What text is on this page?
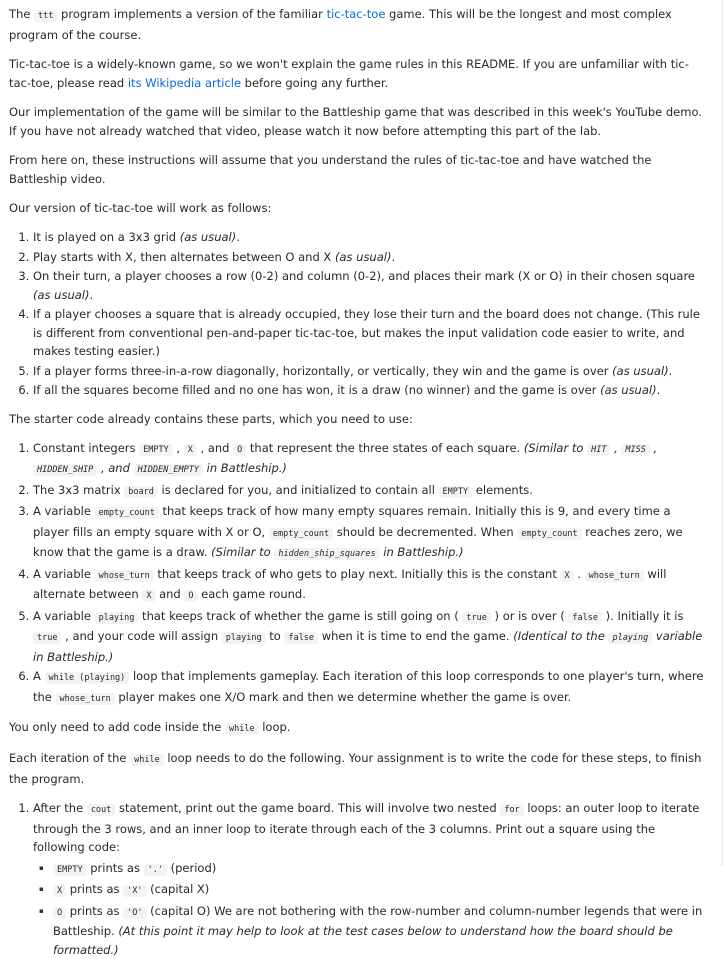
The ttt program implements a version of the familiar tic-tac-toe game. This will be the longest and most complex program of the course.

Tic-tac-toe is a widely-known game, so we won't explain the game rules in this README. If you are unfamiliar with tic-tac-toe, please read its Wikipedia article before going any further.

Our implementation of the game will be similar to the Battleship game that was described in this week's YouTube demo. If you have not already watched that video, please watch it now before attempting this part of the lab.

From here on, these instructions will assume that you understand the rules of tic-tac-toe and have watched the Battleship video.

Our version of tic-tac-toe will work as follows:

1. It is played on a 3x3 grid (as usual).
2. Play starts with X, then alternates between O and X (as usual).
3. On their turn, a player chooses a row (0-2) and column (0-2), and places their mark (X or O) in their chosen square (as usual).
4. If a player chooses a square that is already occupied, they lose their turn and the board does not change. (This rule is different from conventional pen-and-paper tic-tac-toe, but makes the input validation code easier to write, and makes testing easier.)
5. If a player forms three-in-a-row diagonally, horizontally, or vertically, they win and the game is over (as usual).
6. If all the squares become filled and no one has won, it is a draw (no winner) and the game is over (as usual).

The starter code already contains these parts, which you need to use:

1. Constant integers EMPTY , X , and O that represent the three states of each square. (Similar to HIT , MISS , HIDDEN_SHIP , and HIDDEN_EMPTY in Battleship.)
2. The 3x3 matrix board is declared for you, and initialized to contain all EMPTY elements.
3. A variable empty_count that keeps track of how many empty squares remain. Initially this is 9, and every time a player fills an empty square with X or O, empty_count should be decremented. When empty_count reaches zero, we know that the game is a draw. (Similar to hidden_ship_squares in Battleship.)
4. A variable whose_turn that keeps track of who gets to play next. Initially this is the constant X . whose_turn will alternate between X and O each game round.
5. A variable playing that keeps track of whether the game is still going on ( true ) or is over ( false ). Initially it is true , and your code will assign playing to false when it is time to end the game. (Identical to the playing variable in Battleship.)
6. A while (playing) loop that implements gameplay. Each iteration of this loop corresponds to one player's turn, where the whose_turn player makes one X/O mark and then we determine whether the game is over.

You only need to add code inside the while loop.

Each iteration of the while loop needs to do the following. Your assignment is to write the code for these steps, to finish the program.

1. After the cout statement, print out the game board. This will involve two nested for loops: an outer loop to iterate through the 3 rows, and an inner loop to iterate through each of the 3 columns. Print out a square using the following code:
▪ EMPTY prints as '.' (period)
▪ X prints as 'X' (capital X)
▪ O prints as 'O' (capital O) We are not bothering with the row-number and column-number legends that were in Battleship. (At this point it may help to look at the test cases below to understand how the board should be formatted.)
